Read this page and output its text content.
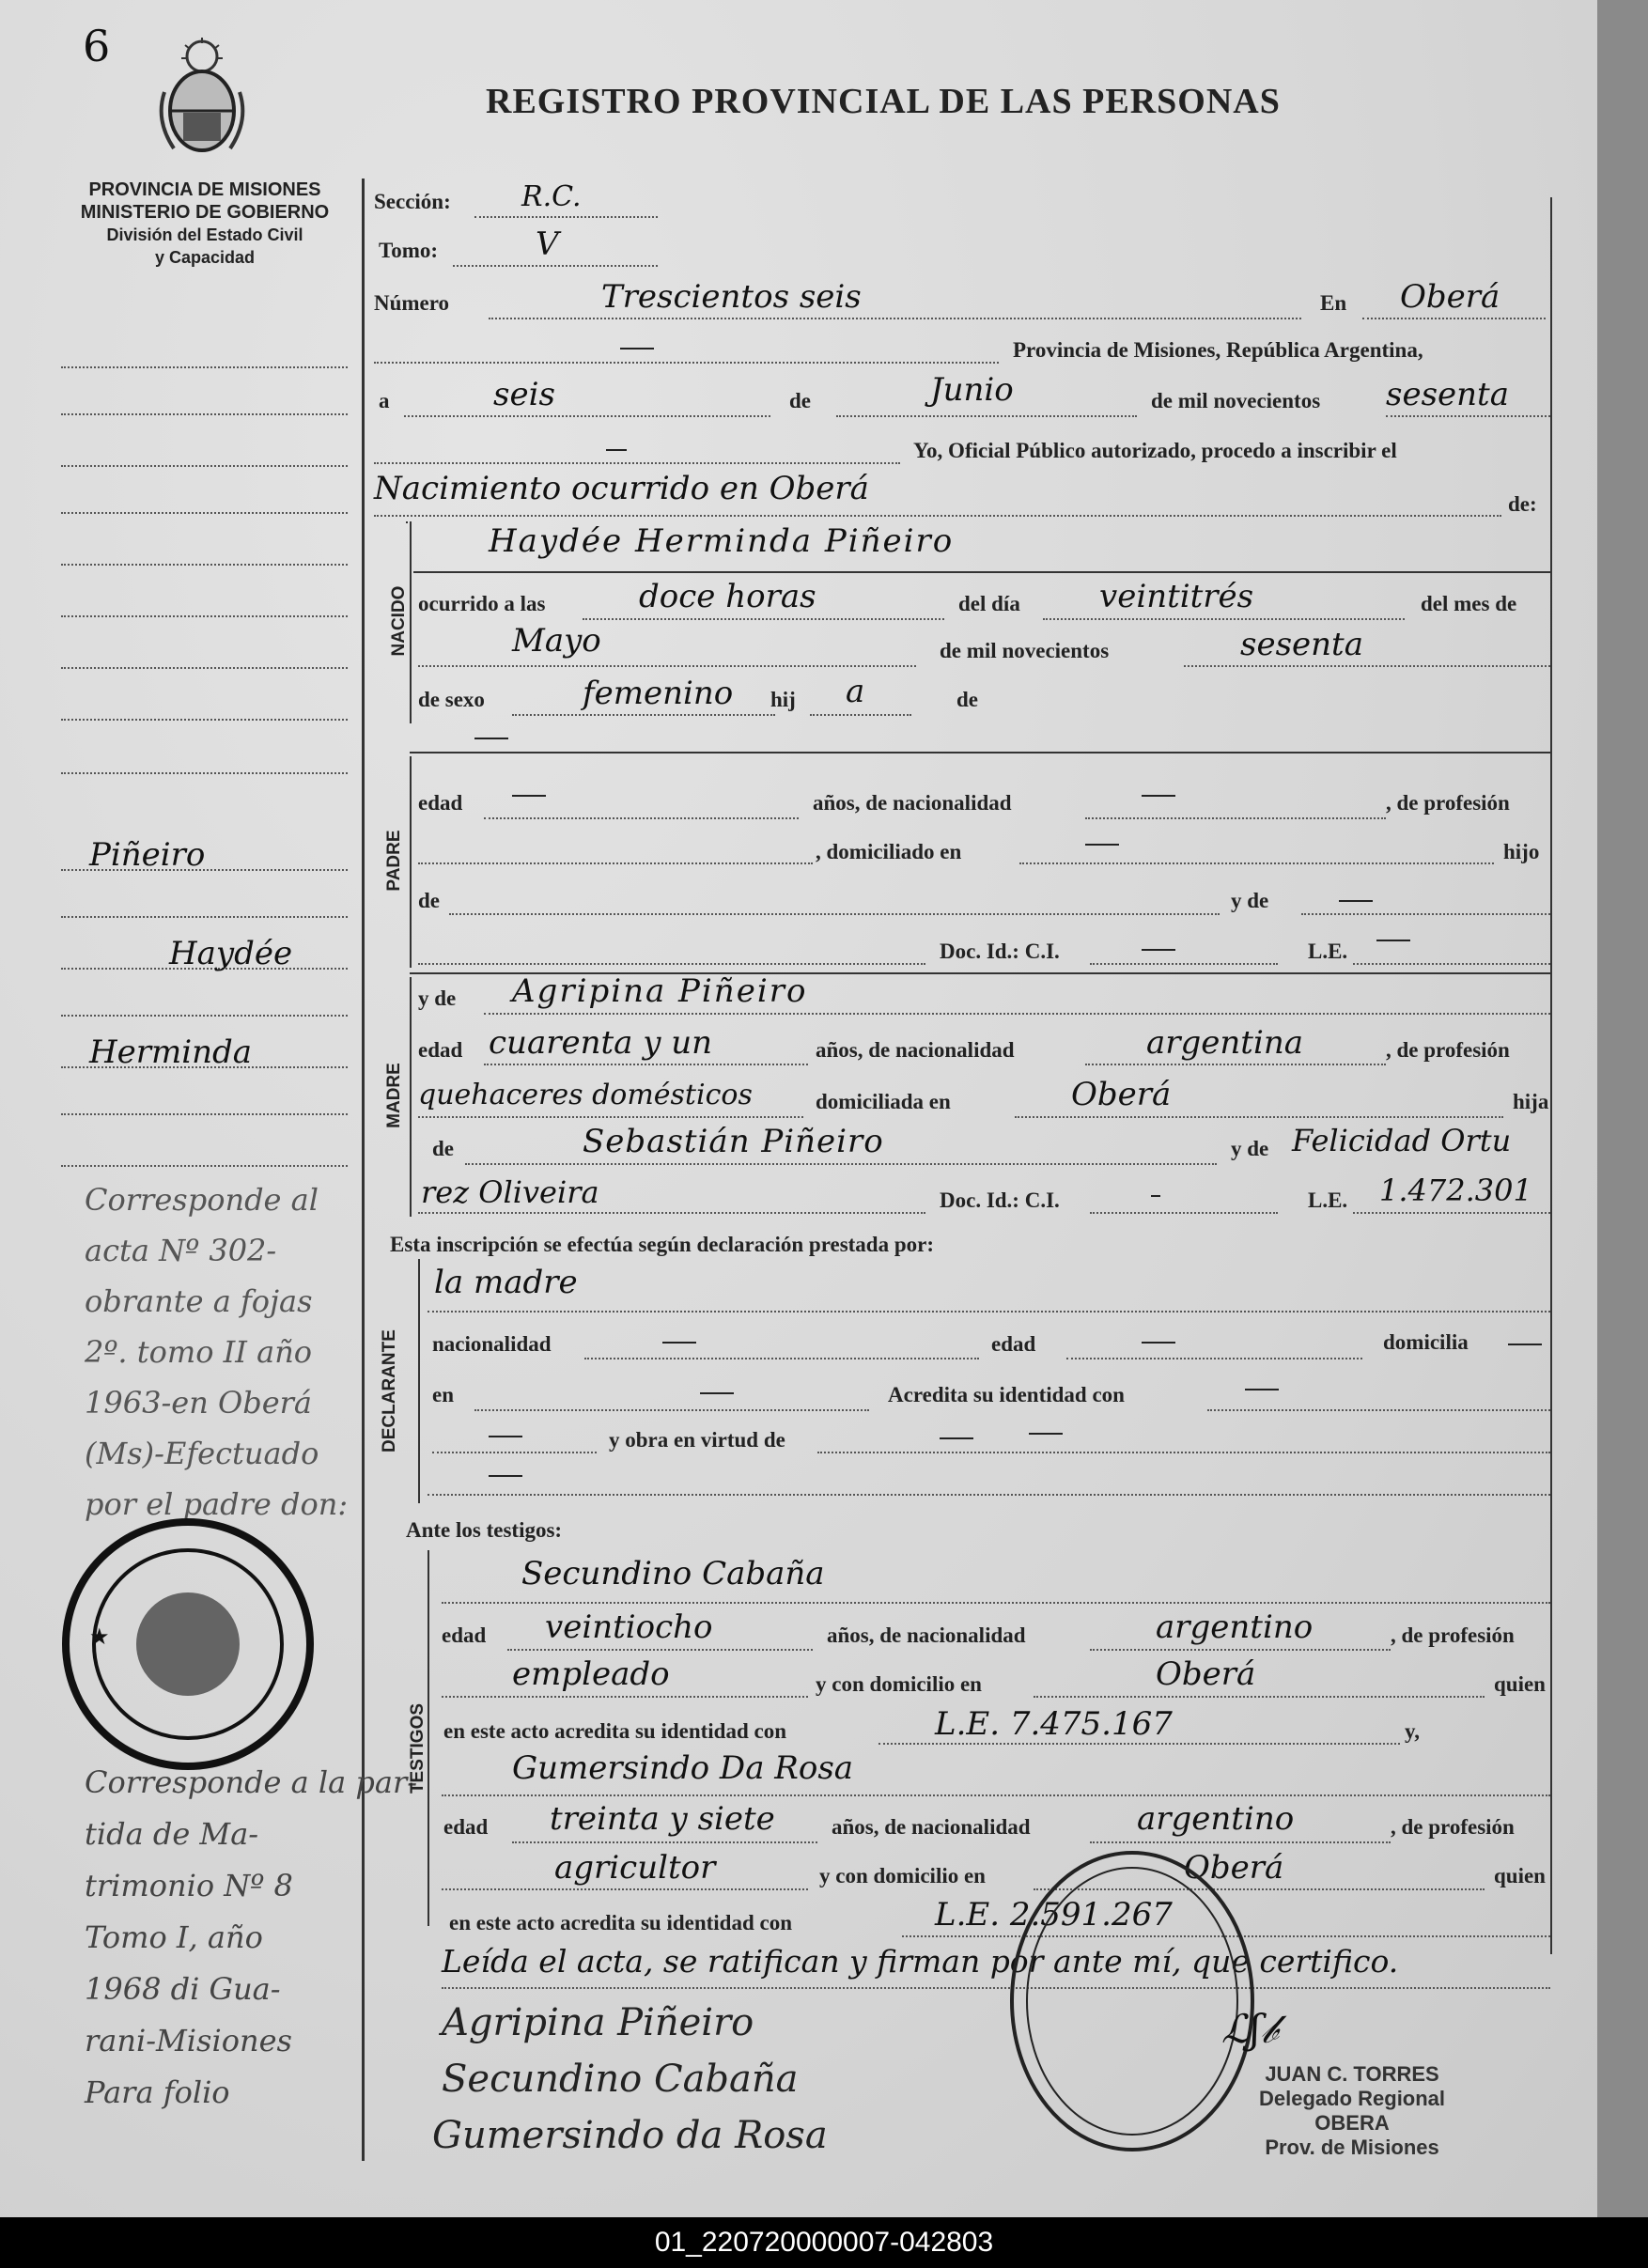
6
REGISTRO PROVINCIAL DE LAS PERSONAS
PROVINCIA DE MISIONES
MINISTERIO DE GOBIERNO
División del Estado Civil
y Capacidad
Piñeiro
Haydée
Herminda
Corresponde al
acta Nº 302-
obrante a fojas
2º. tomo II año
1963-en Oberá
(Ms)-Efectuado
por el padre don:
★
Corresponde a la par-
tida de Ma-
trimonio Nº 8
Tomo I, año
1968 di Gua-
rani-Misiones
Para folio
Sección:	R.C.
Tomo:	V
Número	Trescientos seis	En Oberá
Provincia de Misiones, República Argentina,
a	seis	de	Junio	de mil novecientos sesenta
Yo, Oficial Público autorizado, procedo a inscribir el
Nacimiento ocurrido en Oberá	de:
NACIDO
Haydée Herminda Piñeiro
ocurrido a las	doce horas	del día veintitrés	del mes de
Mayo	de mil novecientos	sesenta
de sexo	femenino hij a	de
PADRE
edad	años, de nacionalidad	, de profesión
, domiciliado en	hijo
de	y de
Doc. Id.: C.I.	L.E.
MADRE
y de Agripina Piñeiro
edad cuarenta y un	años, de nacionalidad	argentina	, de profesión
quehaceres domésticos	domiciliada en	Oberá	hija
de	Sebastián Piñeiro	y de Felicidad Ortu
rez Oliveira	Doc. Id.: C.I.	L.E. 1.472.301
Esta inscripción se efectúa según declaración prestada por:
DECLARANTE
la madre
nacionalidad	edad	domicilia
en	Acredita su identidad con
y obra en virtud de
Ante los testigos:
TESTIGOS
Secundino Cabaña
edad veintiocho	años, de nacionalidad	argentino	, de profesión
empleado	y con domicilio en	Oberá	quien
en este acto acredita su identidad con	L.E. 7.475.167	y,
Gumersindo Da Rosa
edad treinta y siete	años, de nacionalidad	argentino	, de profesión
agricultor	y con domicilio en	Oberá	quien
en este acto acredita su identidad con	L.E. 2.591.267
Leída el acta, se ratifican y firman por ante mí, que certifico.
Agripina Piñeiro
Secundino Cabaña
Gumersindo da Rosa
ℒʃ𝒷
JUAN C. TORRES
Delegado Regional
OBERA
Prov. de Misiones
01_220720000007-042803
